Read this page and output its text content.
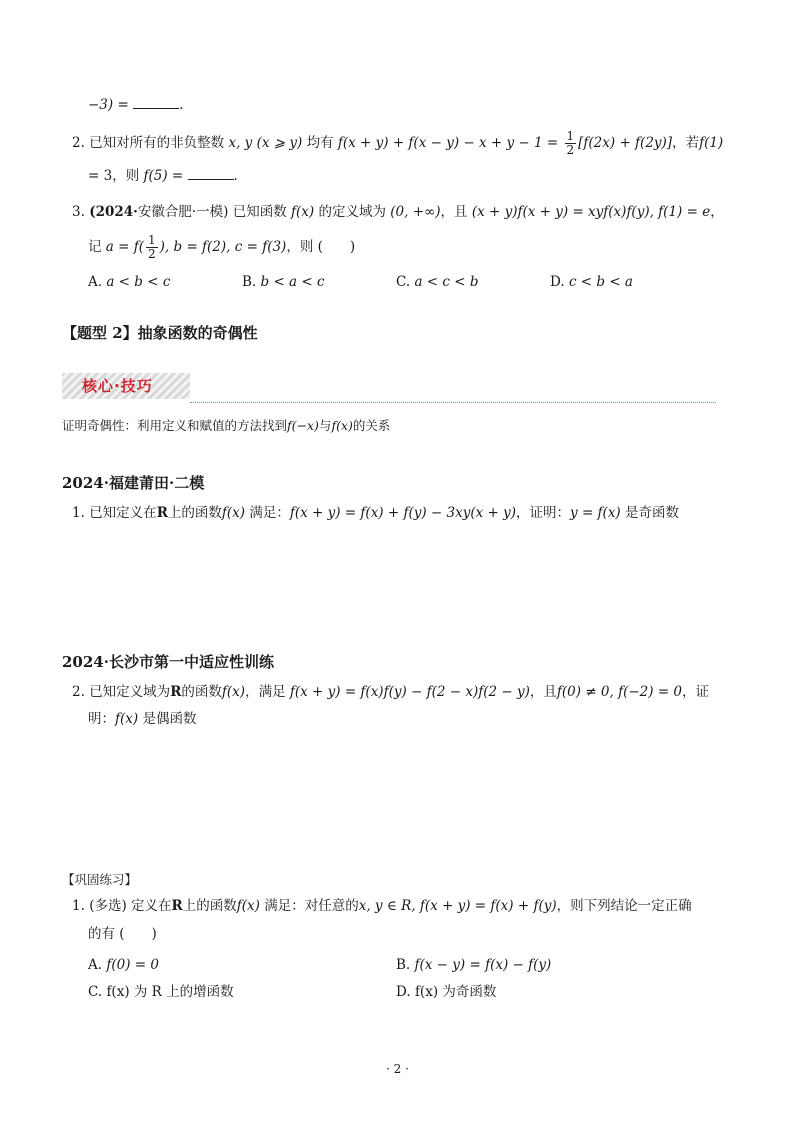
−3) =	.
2. 已知对所有的非负整数 x, y (x ⩾ y) 均有 $f(x + y) + f(x - y) - x + y - 1 = \frac{1}{2} [f(2x) + f(2y)]$，若f(1)
= 3，则 f(5) =	.
3. (2024·安徽合肥·一模) 已知函数 f(x) 的定义域为 (0, +∞)，且 (x + y)f(x + y) = xyf(x)f(y), f(1) = e，
记 $a = f( \frac{1}{2}$ ), b = f(2), c = f(3)，则 (　　)
A. a < b < c	B. b < a < c	C. a < c < b	D. c < b < a
【题型 2】抽象函数的奇偶性
核心·技巧
证明奇偶性：利用定义和赋值的方法找到f(−x)与f(x)的关系
2024·福建莆田·二模
1. 已知定义在R上的函数f(x) 满足：f(x + y) = f(x) + f(y) − 3xy(x + y)，证明：y = f(x) 是奇函数
2024·长沙市第一中适应性训练
2. 已知定义域为R的函数f(x)，满足 f(x + y) = f(x)f(y) − f(2 − x)f(2 − y)，且f(0) ≠ 0, f(−2) = 0，证
明：f(x) 是偶函数
【巩固练习】
1. (多选) 定义在R上的函数f(x) 满足：对任意的x, y ∈ R, f(x + y) = f(x) + f(y)，则下列结论一定正确
的有 (　　)
A. f(0) = 0	B. f(x − y) = f(x) − f(y)
C. f(x) 为 R 上的增函数	D. f(x) 为奇函数
· 2 ·
